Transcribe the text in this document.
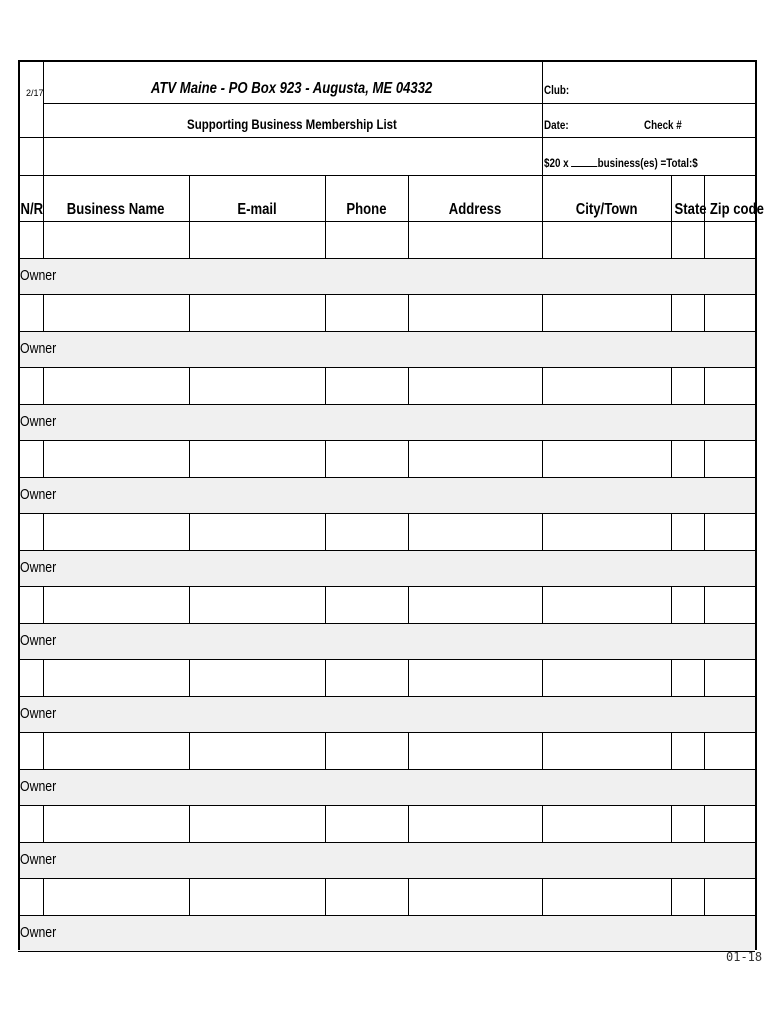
2/17	ATV Maine - PO Box 923 - Augusta, ME 04332
Supporting Business Membership List
Club:
Date:	Check #
$20 x business(es) =Total:$
N/R	Business Name	E-mail	Phone	Address	City/Town	State Zip code
Owner
Owner
Owner
Owner
Owner
Owner
Owner
Owner
Owner
Owner
01-18
